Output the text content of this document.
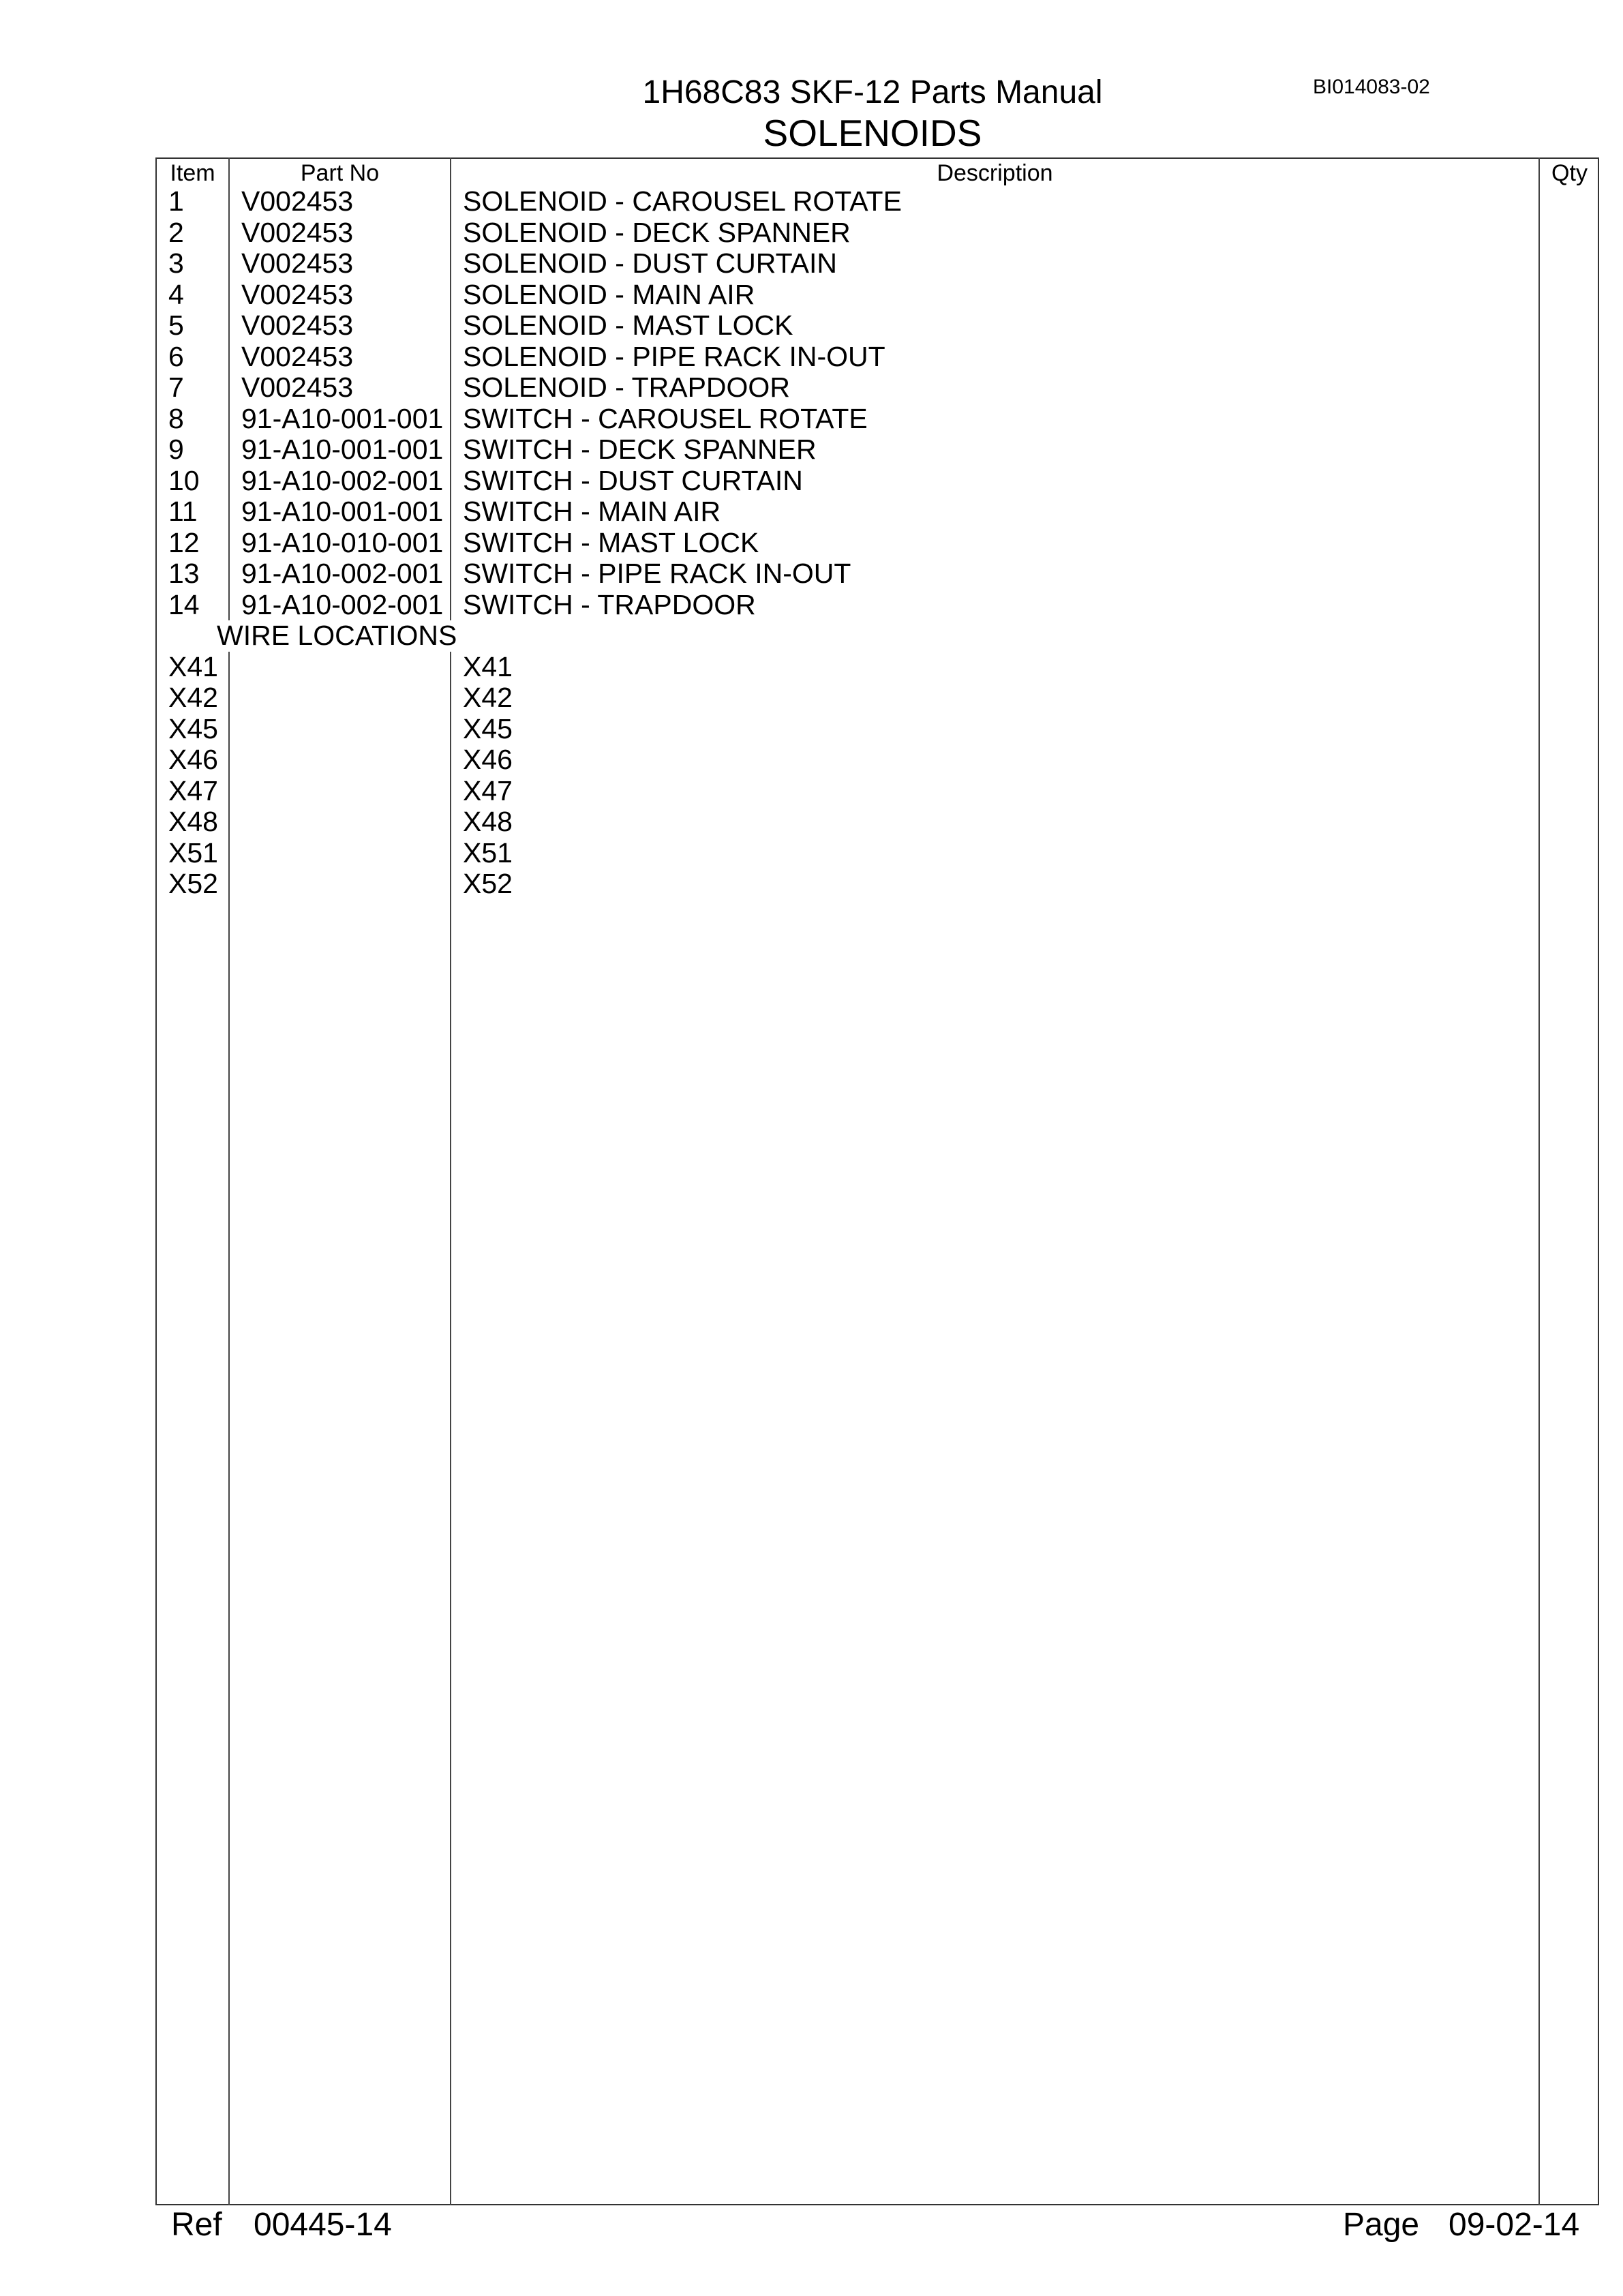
1H68C83 SKF-12 Parts Manual
SOLENOIDS
BI014083-02
Item	Part No	Description	Qty
1 V002453	SOLENOID - CAROUSEL ROTATE
2 V002453	SOLENOID - DECK SPANNER
3 V002453	SOLENOID - DUST CURTAIN
4 V002453	SOLENOID - MAIN AIR
5 V002453	SOLENOID - MAST LOCK
6 V002453	SOLENOID - PIPE RACK IN-OUT
7 V002453	SOLENOID - TRAPDOOR
8 91-A10-001-001 SWITCH - CAROUSEL ROTATE
9 91-A10-001-001 SWITCH - DECK SPANNER
10 91-A10-002-001 SWITCH - DUST CURTAIN
11 91-A10-001-001 SWITCH - MAIN AIR
12 91-A10-010-001 SWITCH - MAST LOCK
13 91-A10-002-001 SWITCH - PIPE RACK IN-OUT
14 91-A10-002-001 SWITCH - TRAPDOOR
WIRE LOCATIONS
X41	X41
X42	X42
X45	X45
X46	X46
X47	X47
X48	X48
X51	X51
X52	X52
Ref 00445-14	Page 09-02-14
